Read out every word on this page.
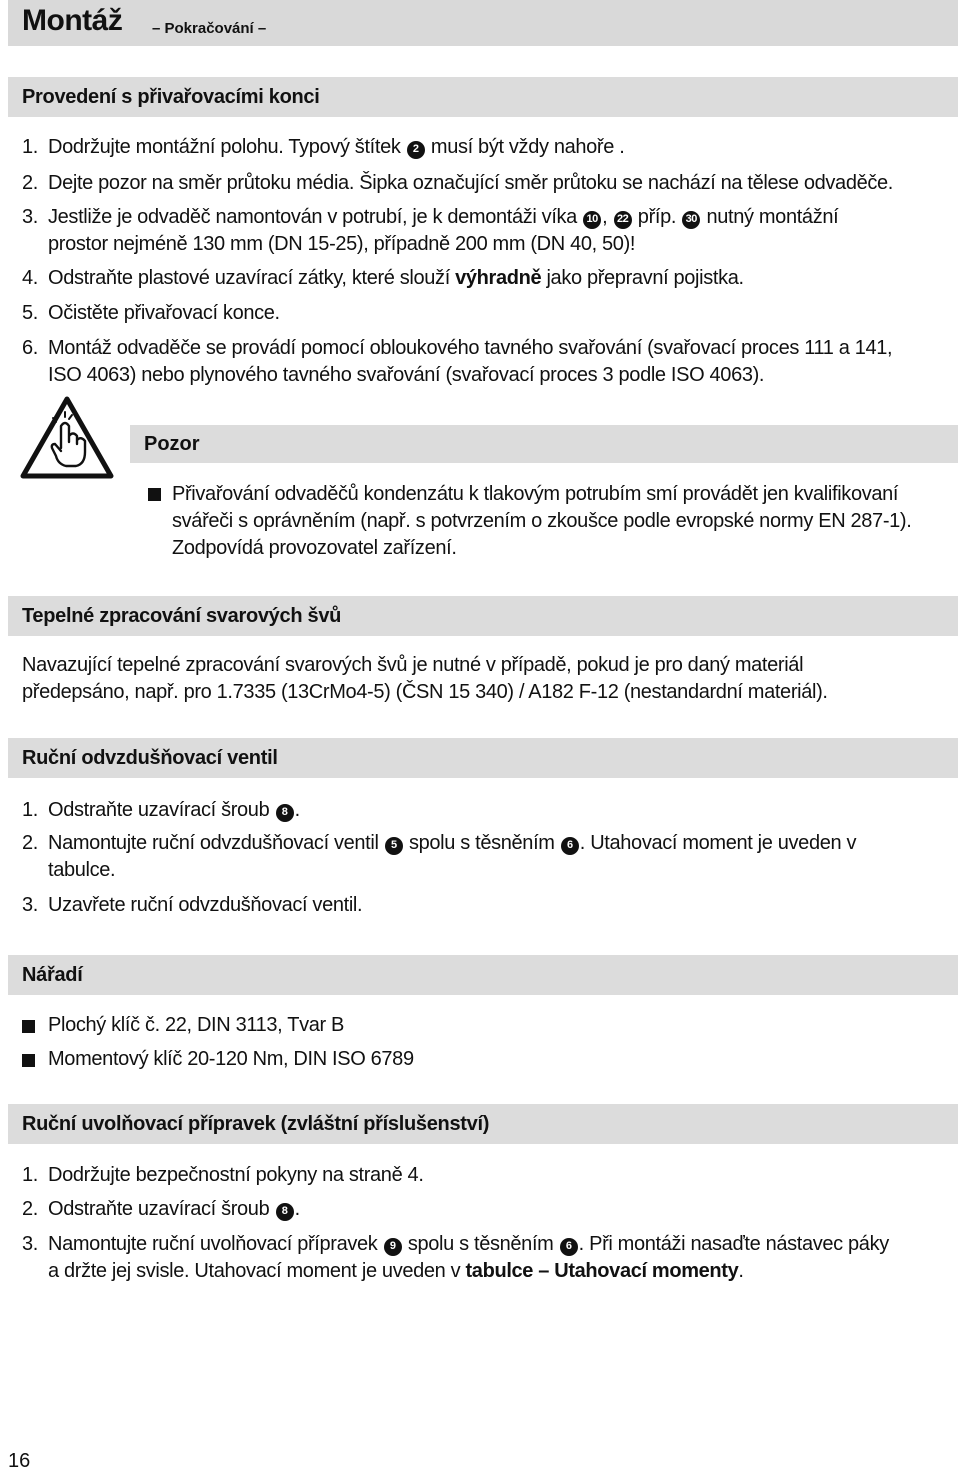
Montáž – Pokračování –
Provedení s přivařovacími konci
1. Dodržujte montážní polohu. Typový štítek 2 musí být vždy nahoře .
2. Dejte pozor na směr průtoku média. Šipka označující směr průtoku se nachází na tělese odvaděče.
3. Jestliže je odvaděč namontován v potrubí, je k demontáži víka 10 , 22 příp. 30 nutný montážní
prostor nejméně 130 mm (DN 15-25), případně 200 mm (DN 40, 50)!
4. Odstraňte plastové uzavírací zátky, které slouží výhradně jako přepravní pojistka.
5. Očistěte přivařovací konce.
6. Montáž odvaděče se provádí pomocí obloukového tavného svařování (svařovací proces 111 a 141,
ISO 4063) nebo plynového tavného svařování (svařovací proces 3 podle ISO 4063).
Pozor
Přivařování odvaděčů kondenzátu k tlakovým potrubím smí provádět jen kvalifikovaní
svářeči s oprávněním (např. s potvrzením o zkoušce podle evropské normy EN 287-1).
Zodpovídá provozovatel zařízení.
Tepelné zpracování svarových švů
Navazující tepelné zpracování svarových švů je nutné v případě, pokud je pro daný materiál
předepsáno, např. pro 1.7335 (13CrMo4-5) (ČSN 15 340) / A182 F-12 (nestandardní materiál).
Ruční odvzdušňovací ventil
1. Odstraňte uzavírací šroub 8 .
2. Namontujte ruční odvzdušňovací ventil 5 spolu s těsněním 6 . Utahovací moment je uveden v
tabulce.
3. Uzavřete ruční odvzdušňovací ventil.
Nářadí
Plochý klíč č. 22, DIN 3113, Tvar B
Momentový klíč 20-120 Nm, DIN ISO 6789
Ruční uvolňovací přípravek (zvláštní příslušenství)
1. Dodržujte bezpečnostní pokyny na straně 4.
2. Odstraňte uzavírací šroub 8 .
3. Namontujte ruční uvolňovací přípravek 9 spolu s těsněním 6 . Při montáži nasaďte nástavec páky
a držte jej svisle. Utahovací moment je uveden v tabulce – Utahovací momenty.
16
